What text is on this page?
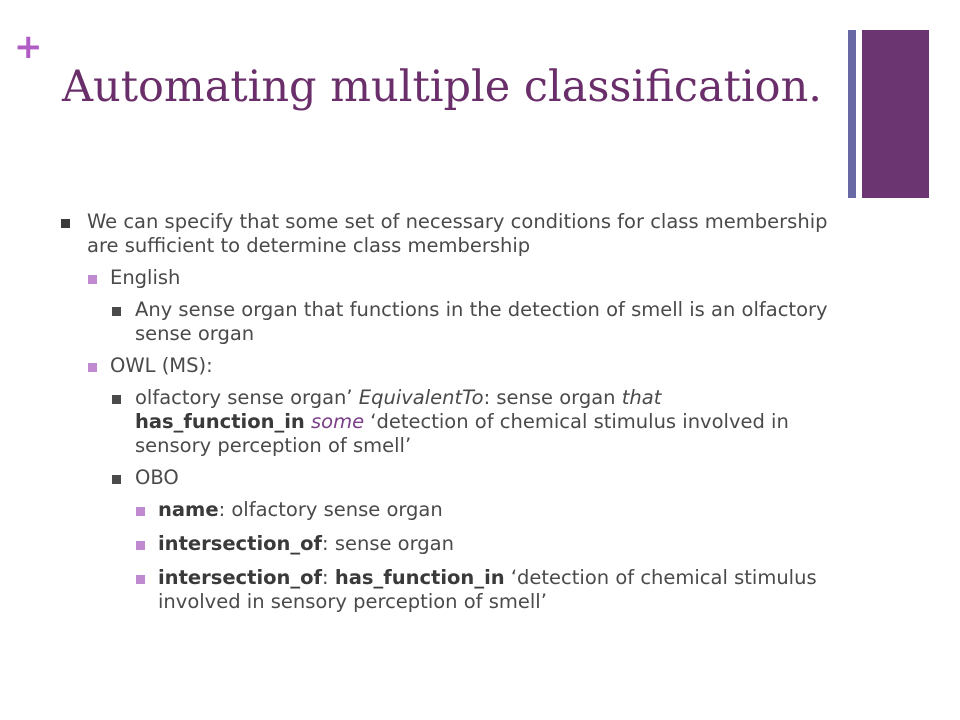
+
Automating multiple classification.
We can specify that some set of necessary conditions for class membership are sufficient to determine class membership
English
Any sense organ that functions in the detection of smell is an olfactory sense organ
OWL (MS):
olfactory sense organ’ EquivalentTo: sense organ that
has_function_in some ‘detection of chemical stimulus involved in sensory perception of smell’
OBO
name: olfactory sense organ
intersection_of: sense organ
intersection_of: has_function_in ‘detection of chemical stimulus involved in sensory perception of smell’
